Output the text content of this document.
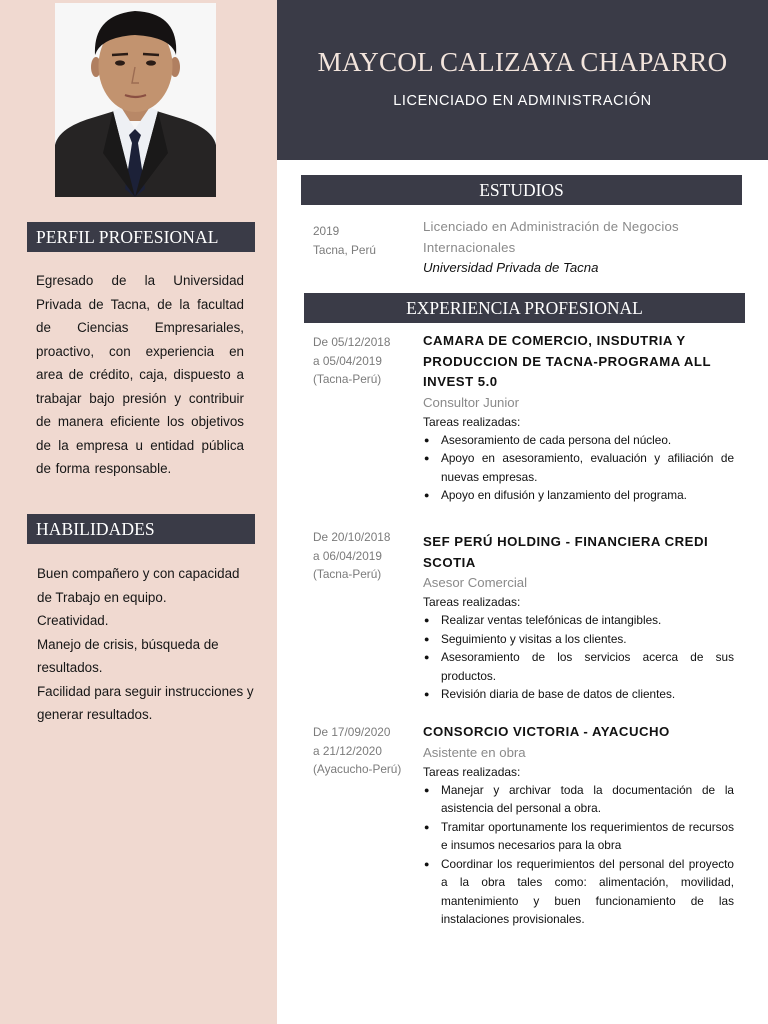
PERFIL PROFESIONAL
Egresado de la Universidad Privada de Tacna, de la facultad de Ciencias Empresariales, proactivo, con experiencia en area de crédito, caja, dispuesto a trabajar bajo presión y contribuir de manera eficiente los objetivos de la empresa u entidad pública de forma responsable.
HABILIDADES

Buen compañero y con capacidad de Trabajo en equipo.

Creatividad.

Manejo de crisis, búsqueda de resultados.

Facilidad para seguir instrucciones y generar resultados.

MAYCOL CALIZAYA CHAPARRO
LICENCIADO EN ADMINISTRACIÓN
ESTUDIOS
2019
Tacna, Perú
Licenciado en Administración de Negocios Internacionales
Universidad Privada de Tacna
EXPERIENCIA PROFESIONAL
De 05/12/2018
a 05/04/2019
(Tacna-Perú)
CAMARA DE COMERCIO, INSDUTRIA Y PRODUCCION DE TACNA-PROGRAMA ALL INVEST 5.0
Consultor Junior
Tareas realizadas:
● Asesoramiento de cada persona del núcleo.
● Apoyo en asesoramiento, evaluación y afiliación de nuevas empresas.
● Apoyo en difusión y lanzamiento del programa.
De 20/10/2018
a 06/04/2019
(Tacna-Perú)
SEF PERÚ HOLDING - FINANCIERA CREDI SCOTIA
Asesor Comercial
Tareas realizadas:
● Realizar ventas telefónicas de intangibles.
● Seguimiento y visitas a los clientes.
● Asesoramiento de los servicios acerca de sus productos.
● Revisión diaria de base de datos de clientes.
De 17/09/2020
a 21/12/2020
(Ayacucho-Perú)
CONSORCIO VICTORIA - AYACUCHO
Asistente en obra
Tareas realizadas:
● Manejar y archivar toda la documentación de la asistencia del personal a obra.
● Tramitar oportunamente los requerimientos de recursos e insumos necesarios para la obra
● Coordinar los requerimientos del personal del proyecto a la obra tales como: alimentación, movilidad, mantenimiento y buen funcionamiento de las instalaciones provisionales.
